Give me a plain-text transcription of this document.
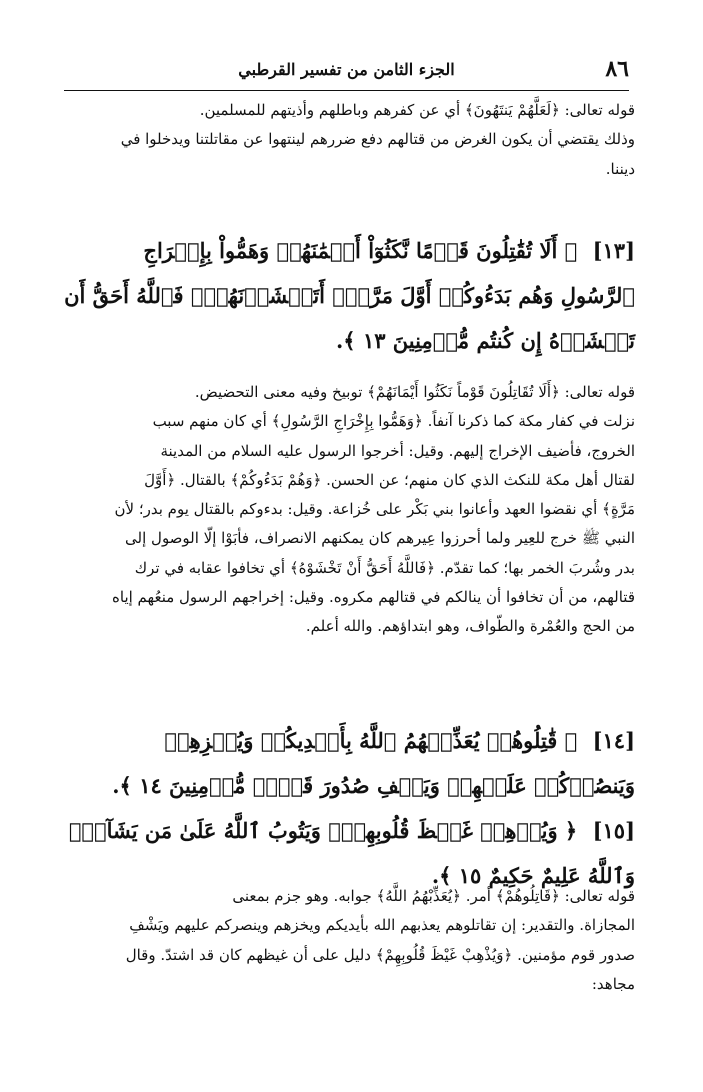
٨٦
الجزء الثامن من تفسير القرطبي
قوله تعالى: ﴿لَعَلَّهُمْ يَنتَهُونَ﴾ أي عن كفرهم وباطلهم وأذيتهم للمسلمين.
وذلك يقتضي أن يكون الغرض من قتالهم دفع ضررهم لينتهوا عن مقاتلتنا ويدخلوا في
ديننا.
[١٣] ﴿ أَلَا تُقَٰتِلُونَ قَوۡمًا نَّكَثُوٓاْ أَيۡمَٰنَهُمۡ وَهَمُّواْ بِإِخۡرَاجِ ٱلرَّسُولِ وَهُم بَدَءُوكُمۡ أَوَّلَ مَرَّةٍۚ أَتَخۡشَوۡنَهُمۡۚ فَٱللَّهُ أَحَقُّ أَن تَخۡشَوۡهُ إِن كُنتُم مُّؤۡمِنِينَ ١٣ ﴾.
قوله تعالى: ﴿أَلَا تُقَاتِلُونَ قَوْماً نَكَثُوا أَيْمَانَهُمْ﴾ توبيخ وفيه معنى التحضيض.
نزلت في كفار مكة كما ذكرنا آنفاً. ﴿وَهَمُّوا بِإِخْرَاجِ الرَّسُولِ﴾ أي كان منهم سبب
الخروج، فأضيف الإخراج إليهم. وقيل: أخرجوا الرسول عليه السلام من المدينة
لقتال أهل مكة للنكث الذي كان منهم؛ عن الحسن. ﴿وَهُمْ بَدَءُوكُمْ﴾ بالقتال. ﴿أَوَّلَ
مَرَّةٍ﴾ أي نقضوا العهد وأعانوا بني بَكْر على خُزاعة. وقيل: بدءوكم بالقتال يوم بدر؛ لأن
النبي ﷺ خرج للعِير ولما أحرزوا عِيرهم كان يمكنهم الانصراف، فأبَوْا إلّا الوصول إلى
بدر وشُربَ الخمر بها؛ كما تقدّم. ﴿فَاللَّهُ أَحَقُّ أَنْ تَخْشَوْهُ﴾ أي تخافوا عقابه في ترك
قتالهم، من أن تخافوا أن ينالكم في قتالهم مكروه. وقيل: إخراجهم الرسول منعُهم إياه
من الحج والعُمْرة والطّواف، وهو ابتداؤهم. والله أعلم.
[١٤] ﴿ قَٰتِلُوهُمۡ يُعَذِّبۡهُمُ ٱللَّهُ بِأَيۡدِيكُمۡ وَيُخۡزِهِمۡ وَيَنصُرۡكُمۡ عَلَيۡهِمۡ وَيَشۡفِ صُدُورَ قَوۡمٖ مُّؤۡمِنِينَ ١٤ ﴾.
[١٥] ﴿ وَيُذۡهِبۡ غَيۡظَ قُلُوبِهِمۡۗ وَيَتُوبُ ٱللَّهُ عَلَىٰ مَن يَشَآءُۗ وَٱللَّهُ عَلِيمٌ حَكِيمٌ ١٥ ﴾.
قوله تعالى: ﴿قَاتِلُوهُمْ﴾ أمر. ﴿يُعَذِّبْهُمُ اللَّهُ﴾ جوابه. وهو جزم بمعنى
المجازاة. والتقدير: إن تقاتلوهم يعذبهم الله بأيديكم ويخزهم وينصركم عليهم ويَشْفِ
صدور قوم مؤمنين. ﴿وَيُذْهِبْ غَيْظَ قُلُوبِهِمْ﴾ دليل على أن غيظهم كان قد اشتدّ. وقال
مجاهد:
